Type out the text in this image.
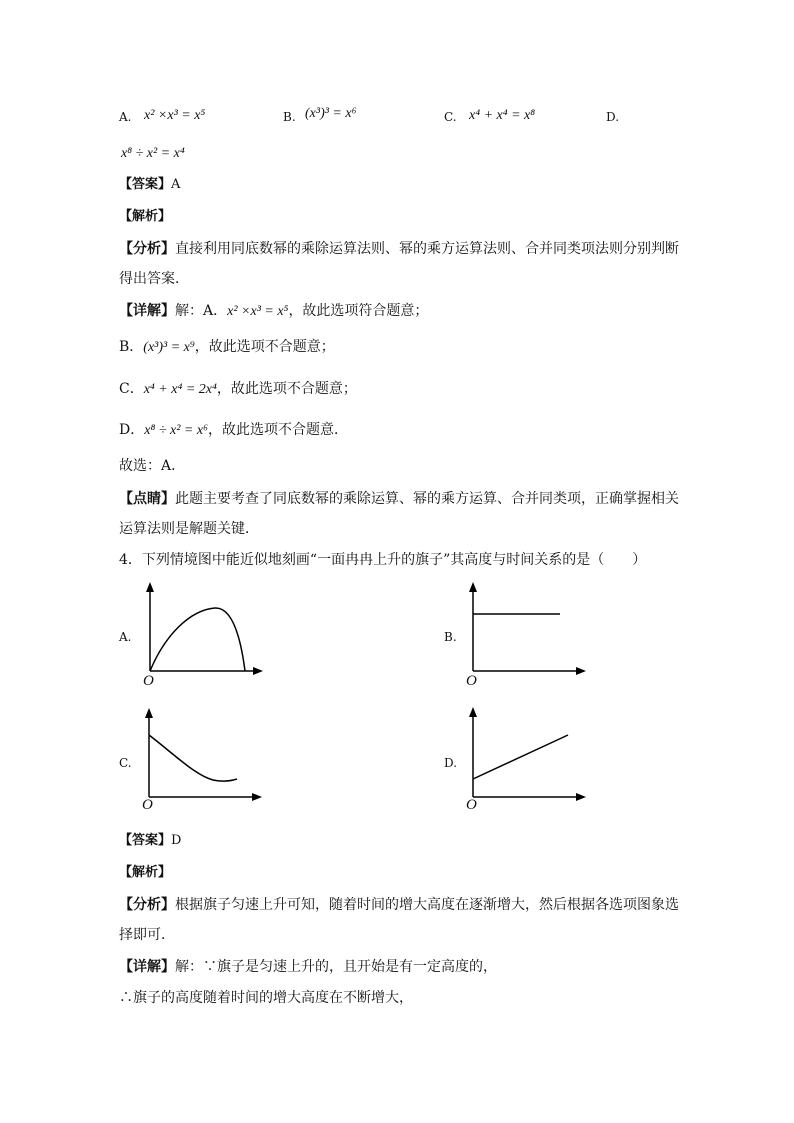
A. x² ×x³ = x⁵	B. (x³)³ = x⁶	C. x⁴ + x⁴ = x⁸	D.
x⁸ ÷ x² = x⁴
【答案】A
【解析】
【分析】直接利用同底数幂的乘除运算法则、幂的乘方运算法则、合并同类项法则分别判断
得出答案．
【详解】解：A．x² ×x³ = x⁵，故此选项符合题意；
B．(x³)³ = x⁹，故此选项不合题意；
C．x⁴ + x⁴ = 2x⁴，故此选项不合题意；
D．x⁸ ÷ x² = x⁶，故此选项不合题意．
故选：A．
【点睛】此题主要考查了同底数幂的乘除运算、幂的乘方运算、合并同类项，正确掌握相关
运算法则是解题关键．
4．下列情境图中能近似地刻画“一面冉冉上升的旗子”其高度与时间关系的是（　　）
A.
O
B.
O
C.
O
D.
O
【答案】D
【解析】
【分析】根据旗子匀速上升可知，随着时间的增大高度在逐渐增大，然后根据各选项图象选
择即可．
【详解】解：∵旗子是匀速上升的，且开始是有一定高度的，
∴旗子的高度随着时间的增大高度在不断增大，
